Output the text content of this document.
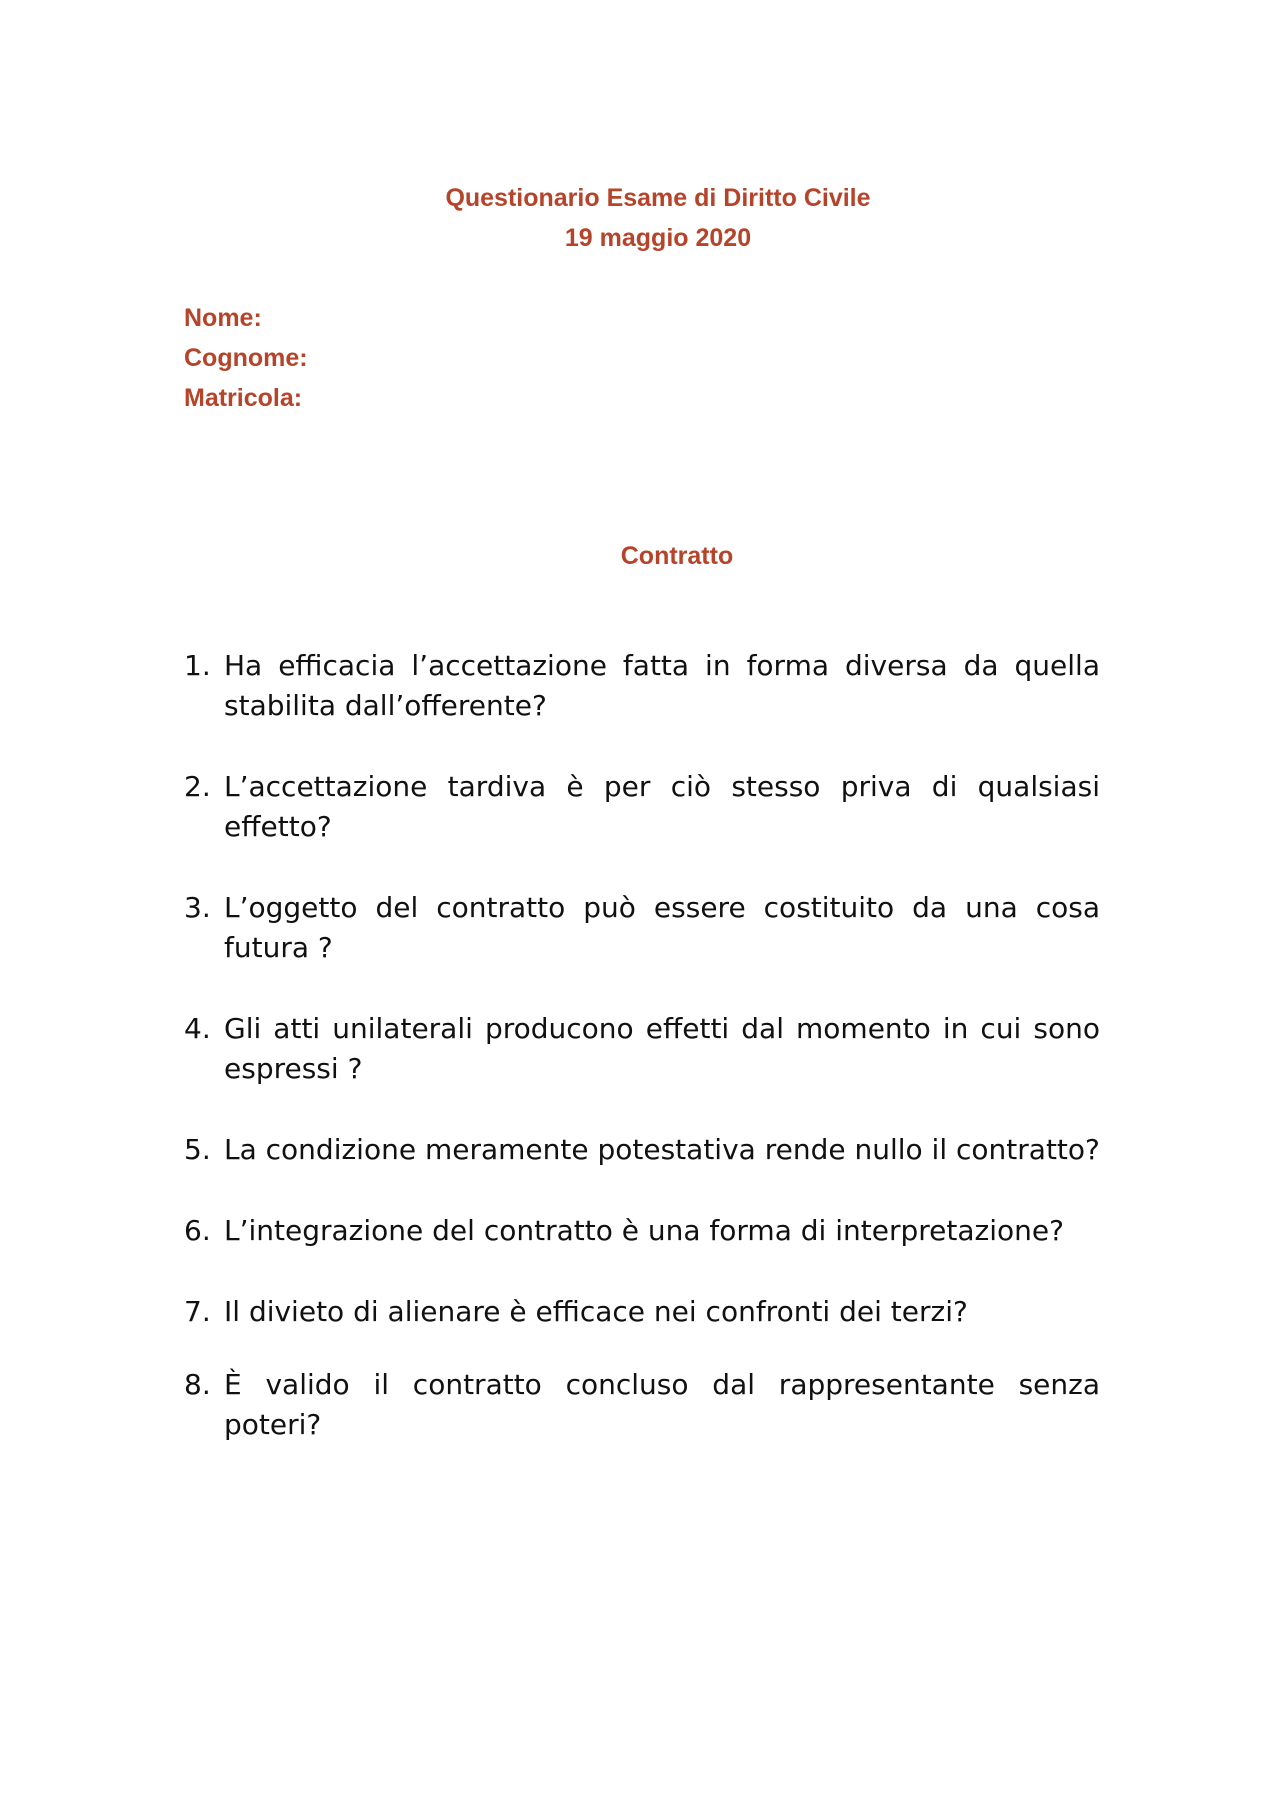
Questionario Esame di Diritto Civile
19 maggio 2020
Nome:
Cognome:
Matricola:
Contratto
1. Ha efficacia l’accettazione fatta in forma diversa da quella stabilita dall’offerente?
2. L’accettazione tardiva è per ciò stesso priva di qualsiasi effetto?
3. L’oggetto del contratto può essere costituito da una cosa futura ?
4. Gli atti unilaterali producono effetti dal momento in cui sono espressi ?
5. La condizione meramente potestativa rende nullo il contratto?
6. L’integrazione del contratto è una forma di interpretazione?
7. Il divieto di alienare è efficace nei confronti dei terzi?
8. È valido il contratto concluso dal rappresentante senza poteri?
